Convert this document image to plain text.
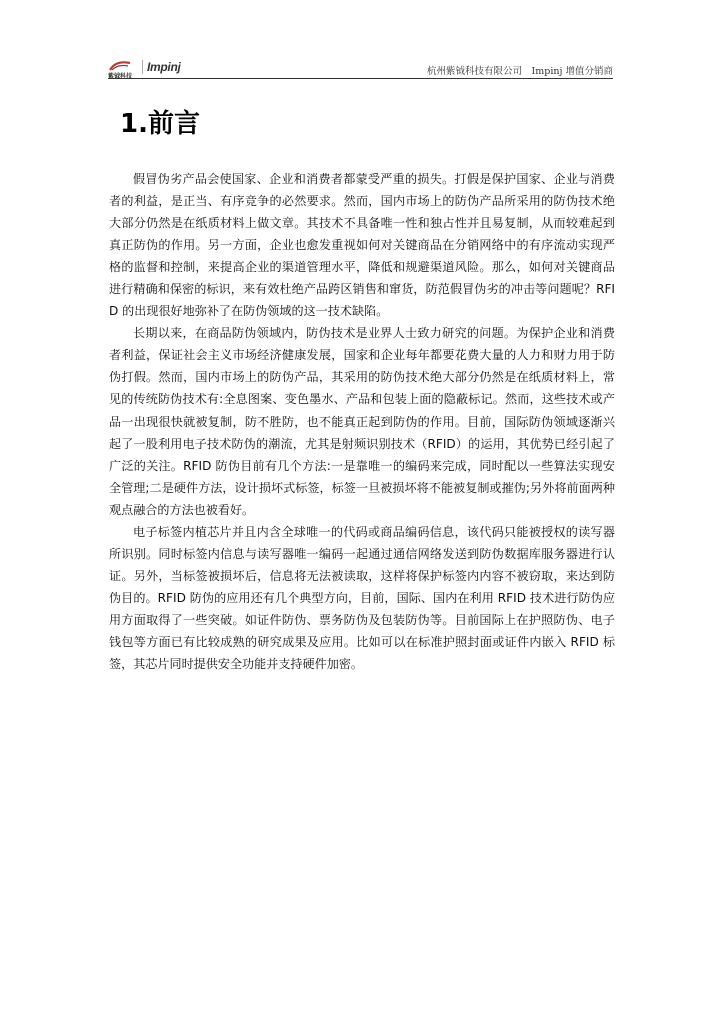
紫钺科技
Impinj	杭州紫钺科技有限公司　Impinj 增值分销商
1.前言

假冒伪劣产品会使国家、企业和消费者都蒙受严重的损失。打假是保护国家、企业与消费者的利益，是正当、有序竞争的必然要求。然而，国内市场上的防伪产品所采用的防伪技术绝大部分仍然是在纸质材料上做文章。其技术不具备唯一性和独占性并且易复制，从而较难起到真正防伪的作用。另一方面，企业也愈发重视如何对关键商品在分销网络中的有序流动实现严格的监督和控制，来提高企业的渠道管理水平，降低和规避渠道风险。那么，如何对关键商品进行精确和保密的标识，来有效杜绝产品跨区销售和窜货，防范假冒伪劣的冲击等问题呢？RFID 的出现很好地弥补了在防伪领域的这一技术缺陷。

长期以来，在商品防伪领域内，防伪技术是业界人士致力研究的问题。为保护企业和消费者利益，保证社会主义市场经济健康发展，国家和企业每年都要花费大量的人力和财力用于防伪打假。然而，国内市场上的防伪产品，其采用的防伪技术绝大部分仍然是在纸质材料上，常见的传统防伪技术有:全息图案、变色墨水、产品和包装上面的隐蔽标记。然而，这些技术或产品一出现很快就被复制，防不胜防，也不能真正起到防伪的作用。目前，国际防伪领域逐渐兴起了一股利用电子技术防伪的潮流，尤其是射频识别技术（RFID）的运用，其优势已经引起了广泛的关注。RFID 防伪目前有几个方法:一是靠唯一的编码来完成，同时配以一些算法实现安全管理;二是硬件方法，设计损坏式标签，标签一旦被损坏将不能被复制或摧伪;另外将前面两种观点融合的方法也被看好。

电子标签内植芯片并且内含全球唯一的代码或商品编码信息，该代码只能被授权的读写器所识别。同时标签内信息与读写器唯一编码一起通过通信网络发送到防伪数据库服务器进行认证。另外，当标签被损坏后，信息将无法被读取，这样将保护标签内内容不被窃取，来达到防伪目的。RFID 防伪的应用还有几个典型方向，目前，国际、国内在利用 RFID 技术进行防伪应用方面取得了一些突破。如证件防伪、票务防伪及包装防伪等。目前国际上在护照防伪、电子钱包等方面已有比较成熟的研究成果及应用。比如可以在标准护照封面或证件内嵌入 RFID 标签，其芯片同时提供安全功能并支持硬件加密。
